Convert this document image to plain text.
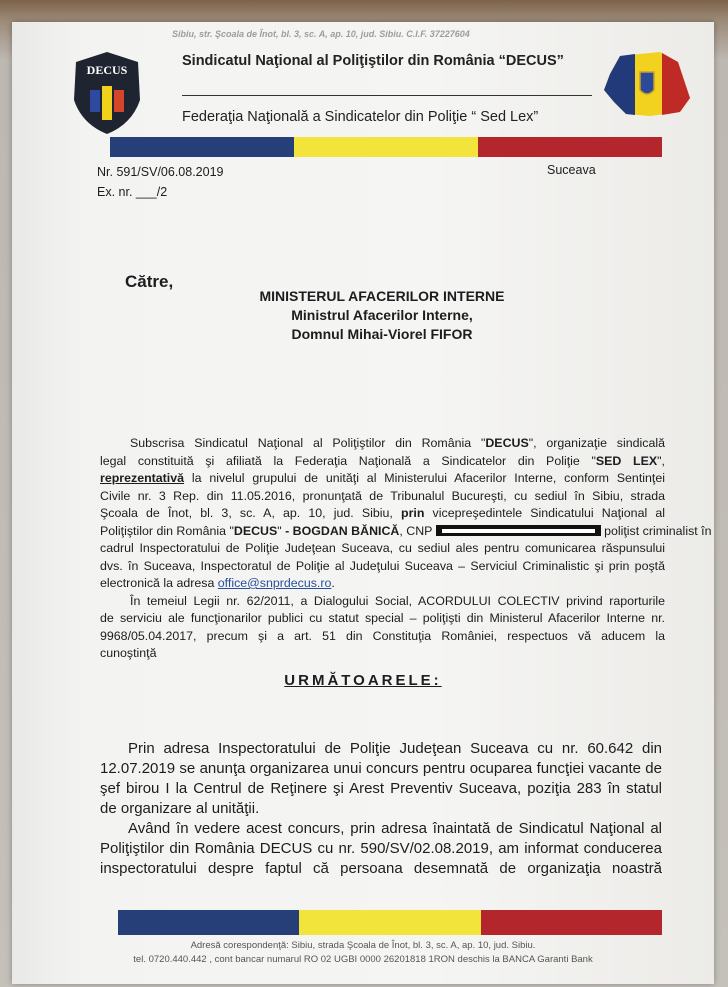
Sibiu, str. Şcoala de Înot, bl. 3, sc. A, ap. 10, jud. Sibiu. C.I.F. 37227604
DECUS
Sindicatul Naţional al Poliţiştilor din România “DECUS”
Federaţia Naţională a Sindicatelor din Poliţie “ Sed Lex”
Nr. 591/SV/06.08.2019
Ex. nr. ___/2
Suceava
Către,
MINISTERUL AFACERILOR INTERNE
Ministrul Afacerilor Interne,
Domnul Mihai-Viorel FIFOR
Subscrisa Sindicatul Naţional al Poliţiştilor din România "DECUS", organizaţie sindicală
legal constituită şi afiliată la Federaţia Naţională a Sindicatelor din Poliţie "SED LEX",
reprezentativă la nivelul grupului de unităţi al Ministerului Afacerilor Interne, conform Sentinţei
Civile nr. 3 Rep. din 11.05.2016, pronunţată de Tribunalul Bucureşti, cu sediul în Sibiu, strada
Şcoala de Înot, bl. 3, sc. A, ap. 10, jud. Sibiu, prin vicepreşedintele Sindicatului Naţional al
Poliţiştilor din România "DECUS" - BOGDAN BĂNICĂ, CNP	poliţist criminalist în
cadrul Inspectoratului de Poliţie Judeţean Suceava, cu sediul ales pentru comunicarea răspunsului
dvs. în Suceava, Inspectoratul de Poliţie al Judeţului Suceava – Serviciul Criminalistic şi prin poştă
electronică la adresa office@snprdecus.ro.
În temeiul Legii nr. 62/2011, a Dialogului Social, ACORDULUI COLECTIV privind raporturile
de serviciu ale funcţionarilor publici cu statut special – poliţişti din Ministerul Afacerilor Interne nr.
9968/05.04.2017, precum şi a art. 51 din Constituţia României, respectuos vă aducem la
cunoştinţă
URMĂTOARELE:
Prin adresa Inspectoratului de Poliţie Judeţean Suceava cu nr. 60.642 din
12.07.2019 se anunţa organizarea unui concurs pentru ocuparea funcţiei vacante de
şef birou I la Centrul de Reţinere şi Arest Preventiv Suceava, poziţia 283 în statul
de organizare al unităţii.
Având în vedere acest concurs, prin adresa înaintată de Sindicatul Naţional al
Poliţiştilor din România DECUS cu nr. 590/SV/02.08.2019, am informat conducerea
inspectoratului despre faptul că persoana desemnată de organizaţia noastră
Adresă corespondenţă: Sibiu, strada Şcoala de Înot, bl. 3, sc. A, ap. 10, jud. Sibiu.
tel. 0720.440.442 , cont bancar numarul RO 02 UGBI 0000 26201818 1RON deschis la BANCA Garanti Bank
